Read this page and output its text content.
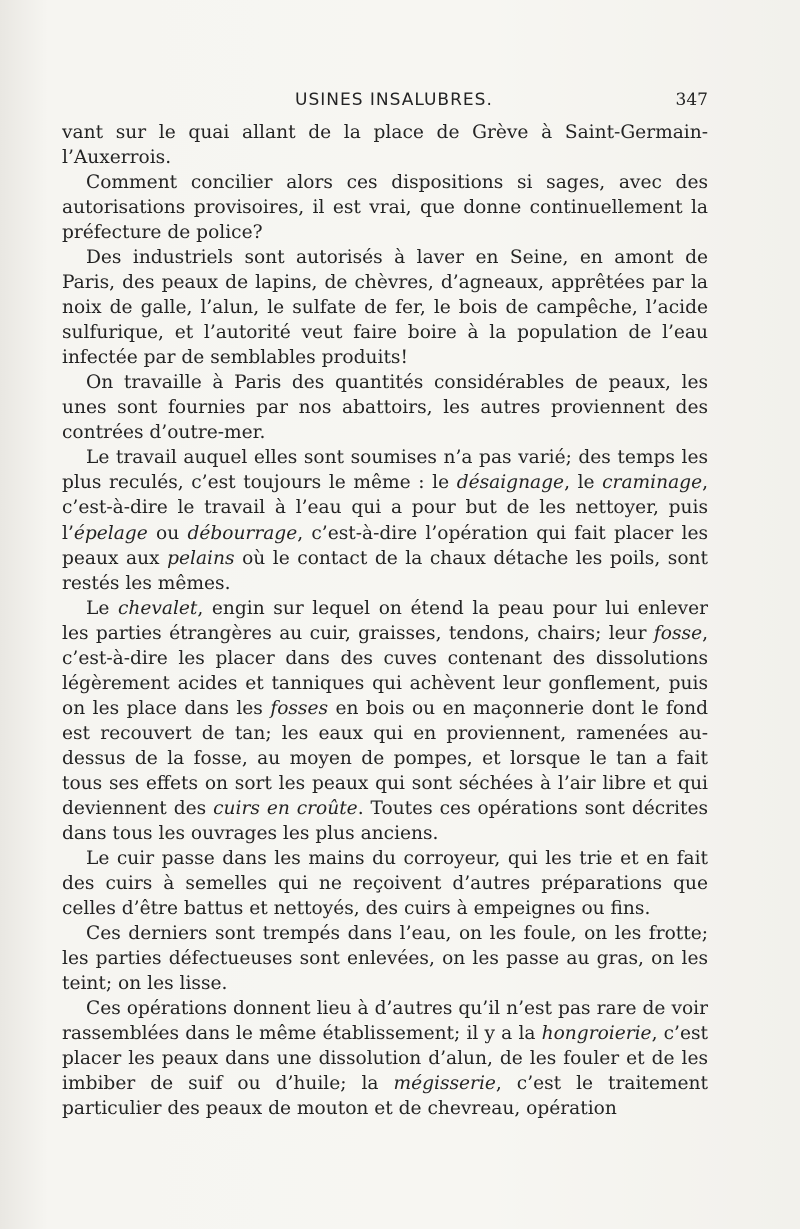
USINES INSALUBRES.	347

vant sur le quai allant de la place de Grève à Saint-Germain-l’Auxerrois.

Comment concilier alors ces dispositions si sages, avec des autorisations provisoires, il est vrai, que donne continuellement la préfecture de police?

Des industriels sont autorisés à laver en Seine, en amont de Paris, des peaux de lapins, de chèvres, d’agneaux, apprêtées par la noix de galle, l’alun, le sulfate de fer, le bois de campêche, l’acide sulfurique, et l’autorité veut faire boire à la population de l’eau infectée par de semblables produits!

On travaille à Paris des quantités considérables de peaux, les unes sont fournies par nos abattoirs, les autres proviennent des contrées d’outre-mer.

Le travail auquel elles sont soumises n’a pas varié; des temps les plus reculés, c’est toujours le même : le désaignage, le craminage, c’est-à-dire le travail à l’eau qui a pour but de les nettoyer, puis l’épelage ou débourrage, c’est-à-dire l’opération qui fait placer les peaux aux pelains où le contact de la chaux détache les poils, sont restés les mêmes.

Le chevalet, engin sur lequel on étend la peau pour lui enlever les parties étrangères au cuir, graisses, tendons, chairs; leur fosse, c’est-à-dire les placer dans des cuves contenant des dissolutions légèrement acides et tanniques qui achèvent leur gonflement, puis on les place dans les fosses en bois ou en maçonnerie dont le fond est recouvert de tan; les eaux qui en proviennent, ramenées au-dessus de la fosse, au moyen de pompes, et lorsque le tan a fait tous ses effets on sort les peaux qui sont séchées à l’air libre et qui deviennent des cuirs en croûte. Toutes ces opérations sont décrites dans tous les ouvrages les plus anciens.

Le cuir passe dans les mains du corroyeur, qui les trie et en fait des cuirs à semelles qui ne reçoivent d’autres préparations que celles d’être battus et nettoyés, des cuirs à empeignes ou fins.

Ces derniers sont trempés dans l’eau, on les foule, on les frotte; les parties défectueuses sont enlevées, on les passe au gras, on les teint; on les lisse.

Ces opérations donnent lieu à d’autres qu’il n’est pas rare de voir rassemblées dans le même établissement; il y a la hongroierie, c’est placer les peaux dans une dissolution d’alun, de les fouler et de les imbiber de suif ou d’huile; la mégisserie, c’est le traitement particulier des peaux de mouton et de chevreau, opération
